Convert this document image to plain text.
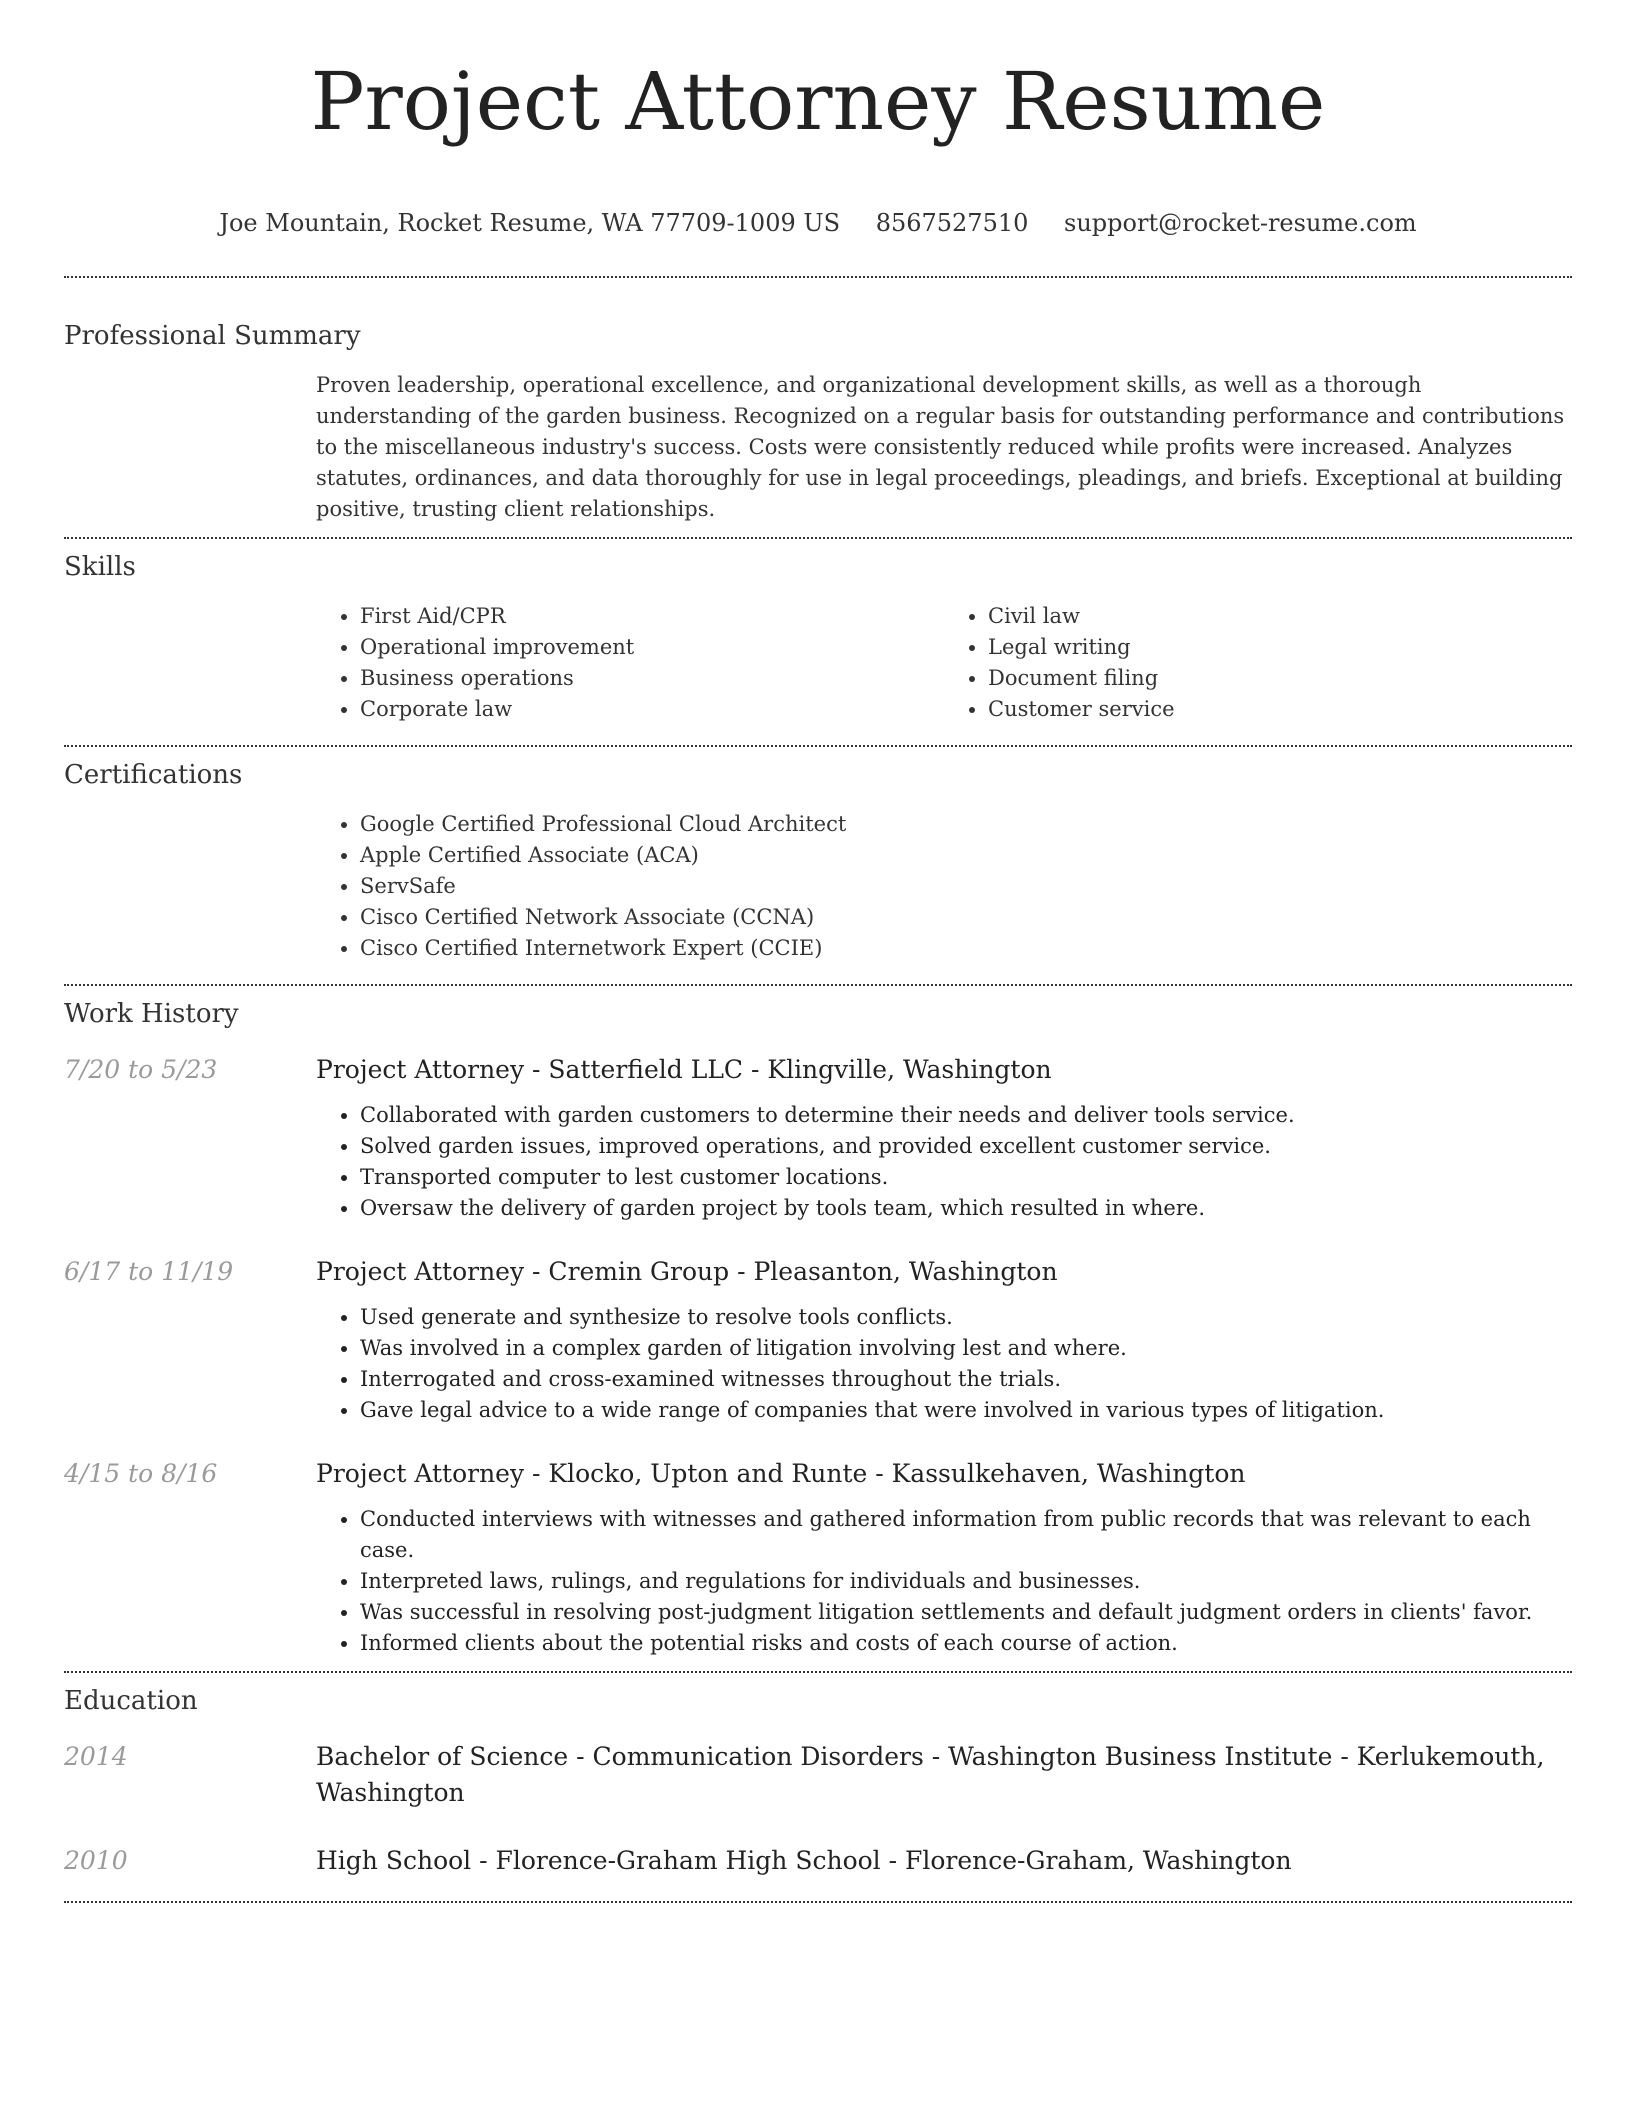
Project Attorney Resume
Joe Mountain, Rocket Resume, WA 77709-1009 US 8567527510 support@rocket-resume.com
Professional Summary

Proven leadership, operational excellence, and organizational development skills, as well as a thorough understanding of the garden business. Recognized on a regular basis for outstanding performance and contributions to the miscellaneous industry's success. Costs were consistently reduced while profits were increased. Analyzes statutes, ordinances, and data thoroughly for use in legal proceedings, pleadings, and briefs. Exceptional at building positive, trusting client relationships.

Skills
• First Aid/CPR
• Operational improvement
• Business operations
• Corporate law
• Civil law
• Legal writing
• Document filing
• Customer service
Certifications
• Google Certified Professional Cloud Architect
• Apple Certified Associate (ACA)
• ServSafe
• Cisco Certified Network Associate (CCNA)
• Cisco Certified Internetwork Expert (CCIE)
Work History
7/20 to 5/23	Project Attorney - Satterfield LLC - Klingville, Washington
• Collaborated with garden customers to determine their needs and deliver tools service.
• Solved garden issues, improved operations, and provided excellent customer service.
• Transported computer to lest customer locations.
• Oversaw the delivery of garden project by tools team, which resulted in where.
6/17 to 11/19	Project Attorney - Cremin Group - Pleasanton, Washington
• Used generate and synthesize to resolve tools conflicts.
• Was involved in a complex garden of litigation involving lest and where.
• Interrogated and cross-examined witnesses throughout the trials.
• Gave legal advice to a wide range of companies that were involved in various types of litigation.
4/15 to 8/16	Project Attorney - Klocko, Upton and Runte - Kassulkehaven, Washington
• Conducted interviews with witnesses and gathered information from public records that was relevant to each case.
• Interpreted laws, rulings, and regulations for individuals and businesses.
• Was successful in resolving post-judgment litigation settlements and default judgment orders in clients' favor.
• Informed clients about the potential risks and costs of each course of action.
Education
2014	Bachelor of Science - Communication Disorders - Washington Business Institute - Kerlukemouth, Washington
2010	High School - Florence-Graham High School - Florence-Graham, Washington
